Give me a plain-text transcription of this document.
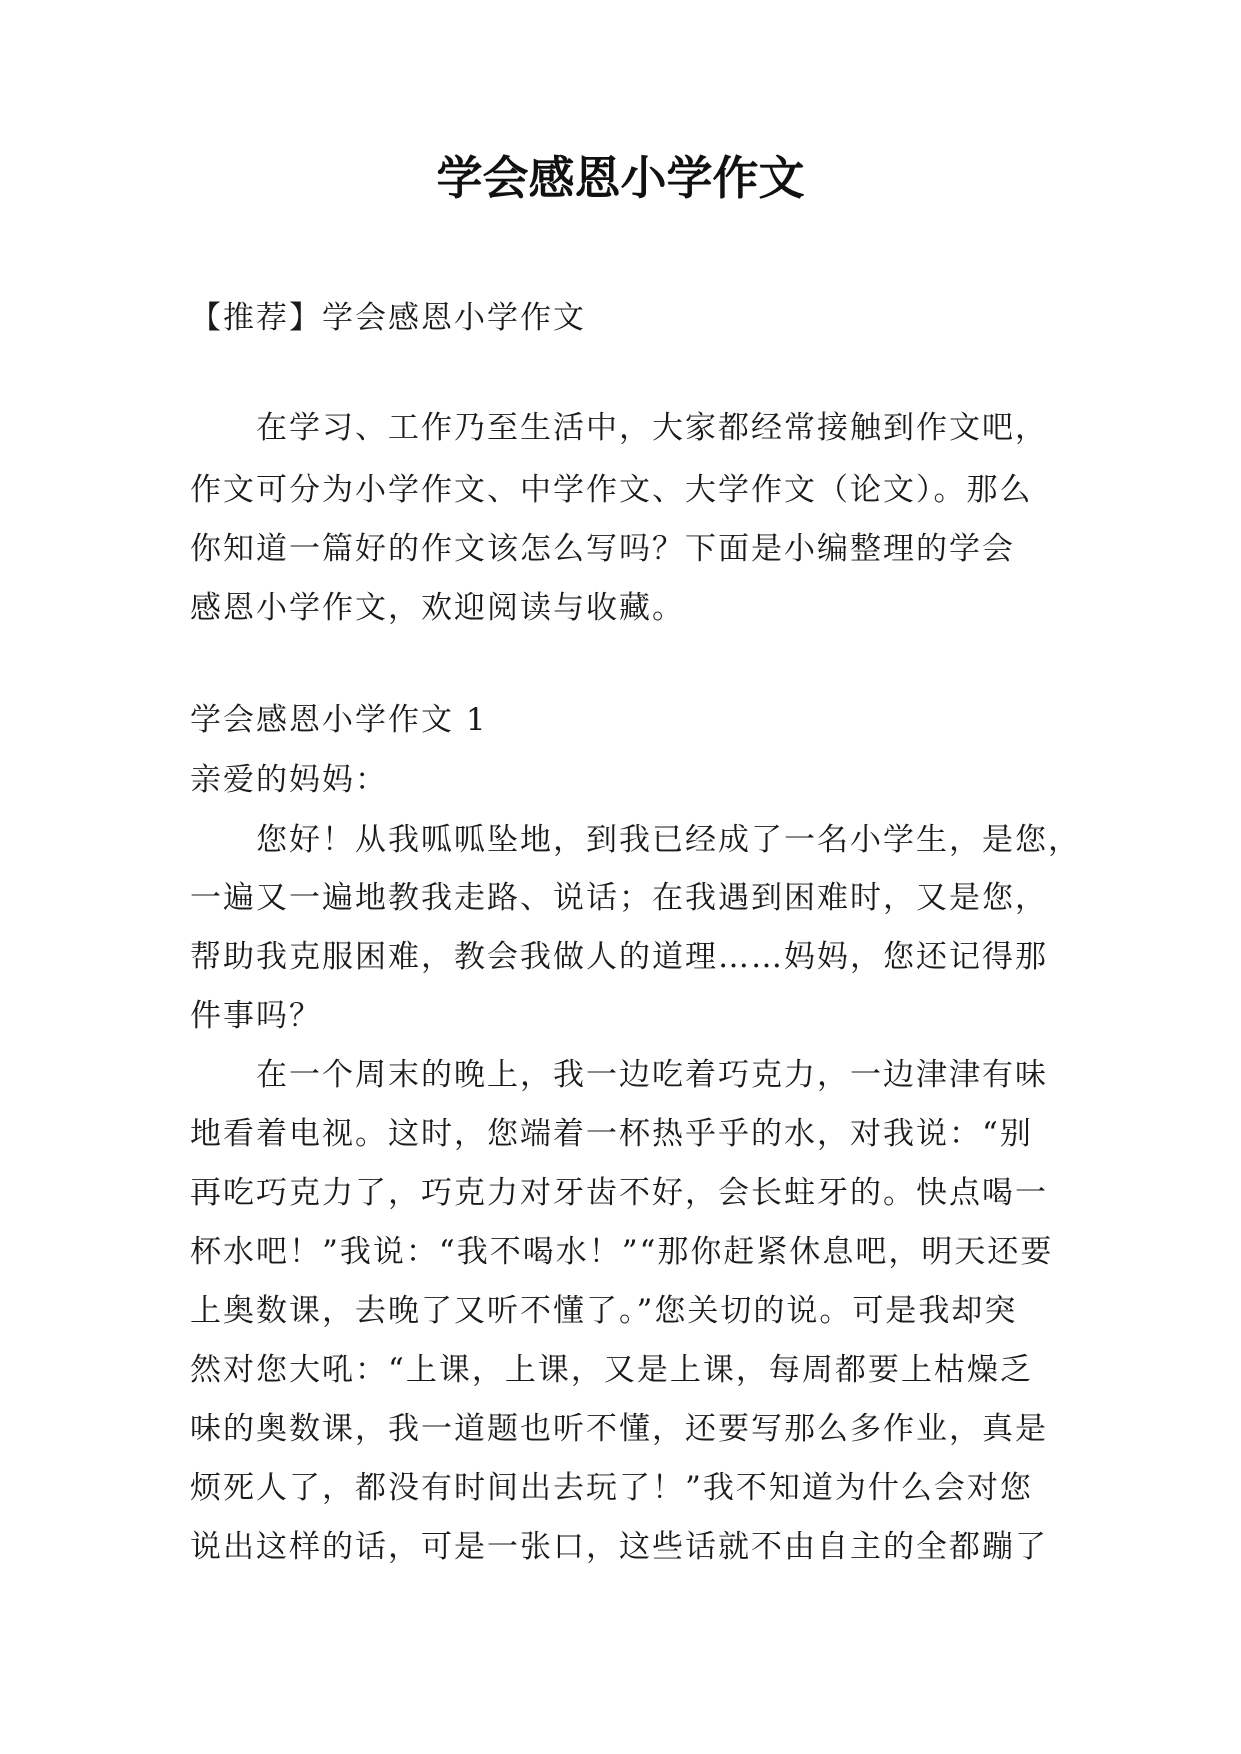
学会感恩小学作文
【推荐】学会感恩小学作文
在学习、工作乃至生活中，大家都经常接触到作文吧，
作文可分为小学作文、中学作文、大学作文（论文）。那么
你知道一篇好的作文该怎么写吗？下面是小编整理的学会
感恩小学作文，欢迎阅读与收藏。
学会感恩小学作文 1
亲爱的妈妈：
您好！从我呱呱坠地，到我已经成了一名小学生，是您，
一遍又一遍地教我走路、说话；在我遇到困难时，又是您，
帮助我克服困难，教会我做人的道理……妈妈，您还记得那
件事吗？
在一个周末的晚上，我一边吃着巧克力，一边津津有味
地看着电视。这时，您端着一杯热乎乎的水，对我说：“别
再吃巧克力了，巧克力对牙齿不好，会长蛀牙的。快点喝一
杯水吧！”我说：“我不喝水！”“那你赶紧休息吧，明天还要
上奥数课，去晚了又听不懂了。”您关切的说。可是我却突
然对您大吼：“上课，上课，又是上课，每周都要上枯燥乏
味的奥数课，我一道题也听不懂，还要写那么多作业，真是
烦死人了，都没有时间出去玩了！”我不知道为什么会对您
说出这样的话，可是一张口，这些话就不由自主的全都蹦了
